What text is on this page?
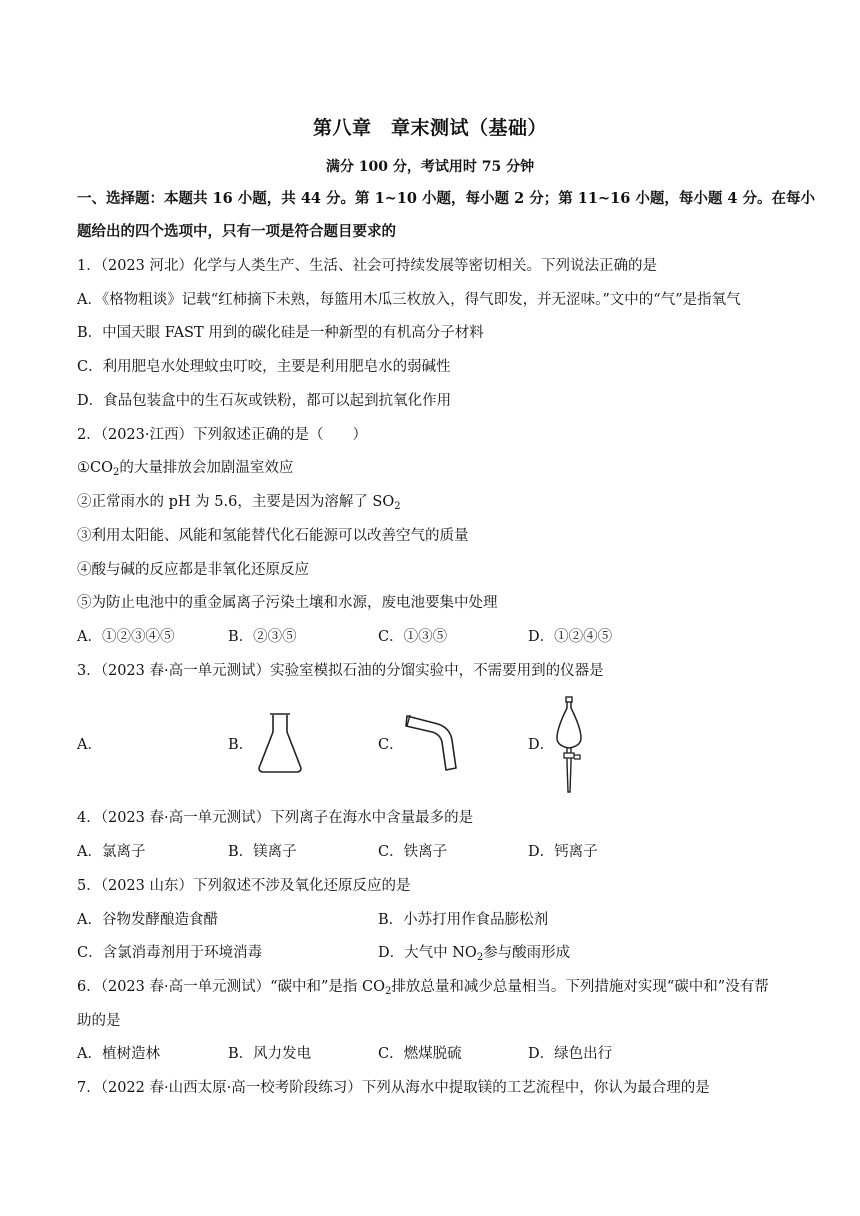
第八章　章末测试（基础）
满分 100 分，考试用时 75 分钟
一、选择题：本题共 16 小题，共 44 分。第 1~10 小题，每小题 2 分；第 11~16 小题，每小题 4 分。在每小
题给出的四个选项中，只有一项是符合题目要求的
1．（2023 河北）化学与人类生产、生活、社会可持续发展等密切相关。下列说法正确的是
A．《格物粗谈》记载“红柿摘下未熟，每篮用木瓜三枚放入，得气即发，并无涩味。”文中的“气”是指氧气
B．中国天眼 FAST 用到的碳化硅是一种新型的有机高分子材料
C．利用肥皂水处理蚊虫叮咬，主要是利用肥皂水的弱碱性
D．食品包装盒中的生石灰或铁粉，都可以起到抗氧化作用
2．（2023·江西）下列叙述正确的是（　　）
$①CO_2$的大量排放会加剧温室效应
②正常雨水的 pH 为 5.6，主要是因为溶解了 $SO_2$
③利用太阳能、风能和氢能替代化石能源可以改善空气的质量
④酸与碱的反应都是非氧化还原反应
⑤为防止电池中的重金属离子污染土壤和水源，废电池要集中处理
A．①②③④⑤	B．②③⑤	C．①③⑤	D．①②④⑤
3．（2023 春·高一单元测试）实验室模拟石油的分馏实验中，不需要用到的仪器是
A．	B．	C．	D．
4．（2023 春·高一单元测试）下列离子在海水中含量最多的是
A．氯离子	B．镁离子	C．铁离子	D．钙离子
5．（2023 山东）下列叙述不涉及氧化还原反应的是
A．谷物发酵酿造食醋	B．小苏打用作食品膨松剂
C．含氯消毒剂用于环境消毒	D．大气中 $NO_2$参与酸雨形成
6．（2023 春·高一单元测试）“碳中和”是指 $CO_2$排放总量和减少总量相当。下列措施对实现“碳中和”没有帮
助的是
A．植树造林	B．风力发电	C．燃煤脱硫	D．绿色出行
7．（2022 春·山西太原·高一校考阶段练习）下列从海水中提取镁的工艺流程中，你认为最合理的是
